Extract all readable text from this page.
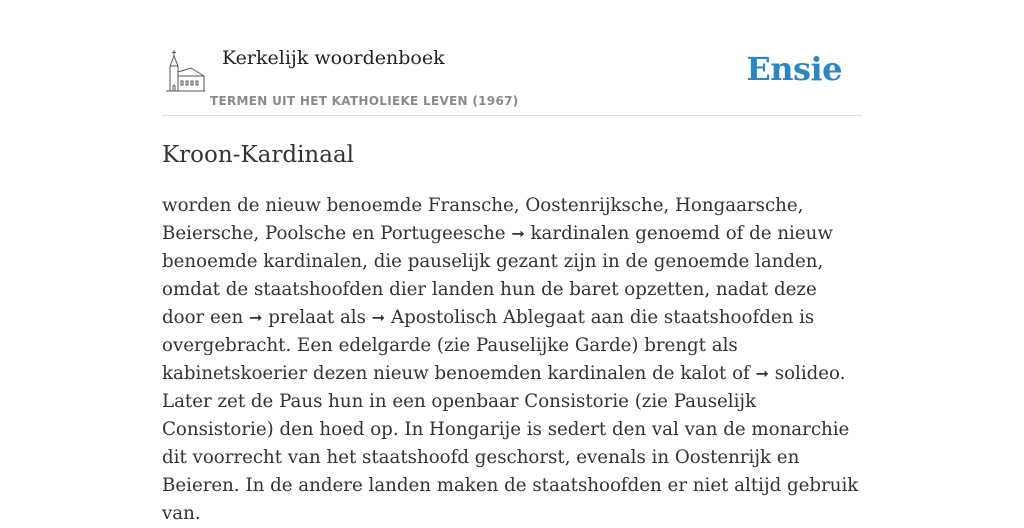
Kerkelijk woordenboek
TERMEN UIT HET KATHOLIEKE LEVEN (1967)
Ensie
Kroon-Kardinaal

worden de nieuw benoemde Fransche, Oostenrijksche, Hongaarsche, Beiersche, Poolsche en Portugeesche ➞ kardinalen genoemd of de nieuw benoemde kardinalen, die pauselijk gezant zijn in de genoemde landen, omdat de staatshoofden dier landen hun de baret opzetten, nadat deze door een ➞ prelaat als ➞ Apostolisch Ablegaat aan die staatshoofden is overgebracht. Een edelgarde (zie Pauselijke Garde) brengt als kabinetskoerier dezen nieuw benoemden kardinalen de kalot of ➞ solideo. Later zet de Paus hun in een openbaar Consistorie (zie Pauselijk Consistorie) den hoed op. In Hongarije is sedert den val van de monarchie dit voorrecht van het staatshoofd geschorst, evenals in Oostenrijk en Beieren. In de andere landen maken de staatshoofden er niet altijd gebruik van.
